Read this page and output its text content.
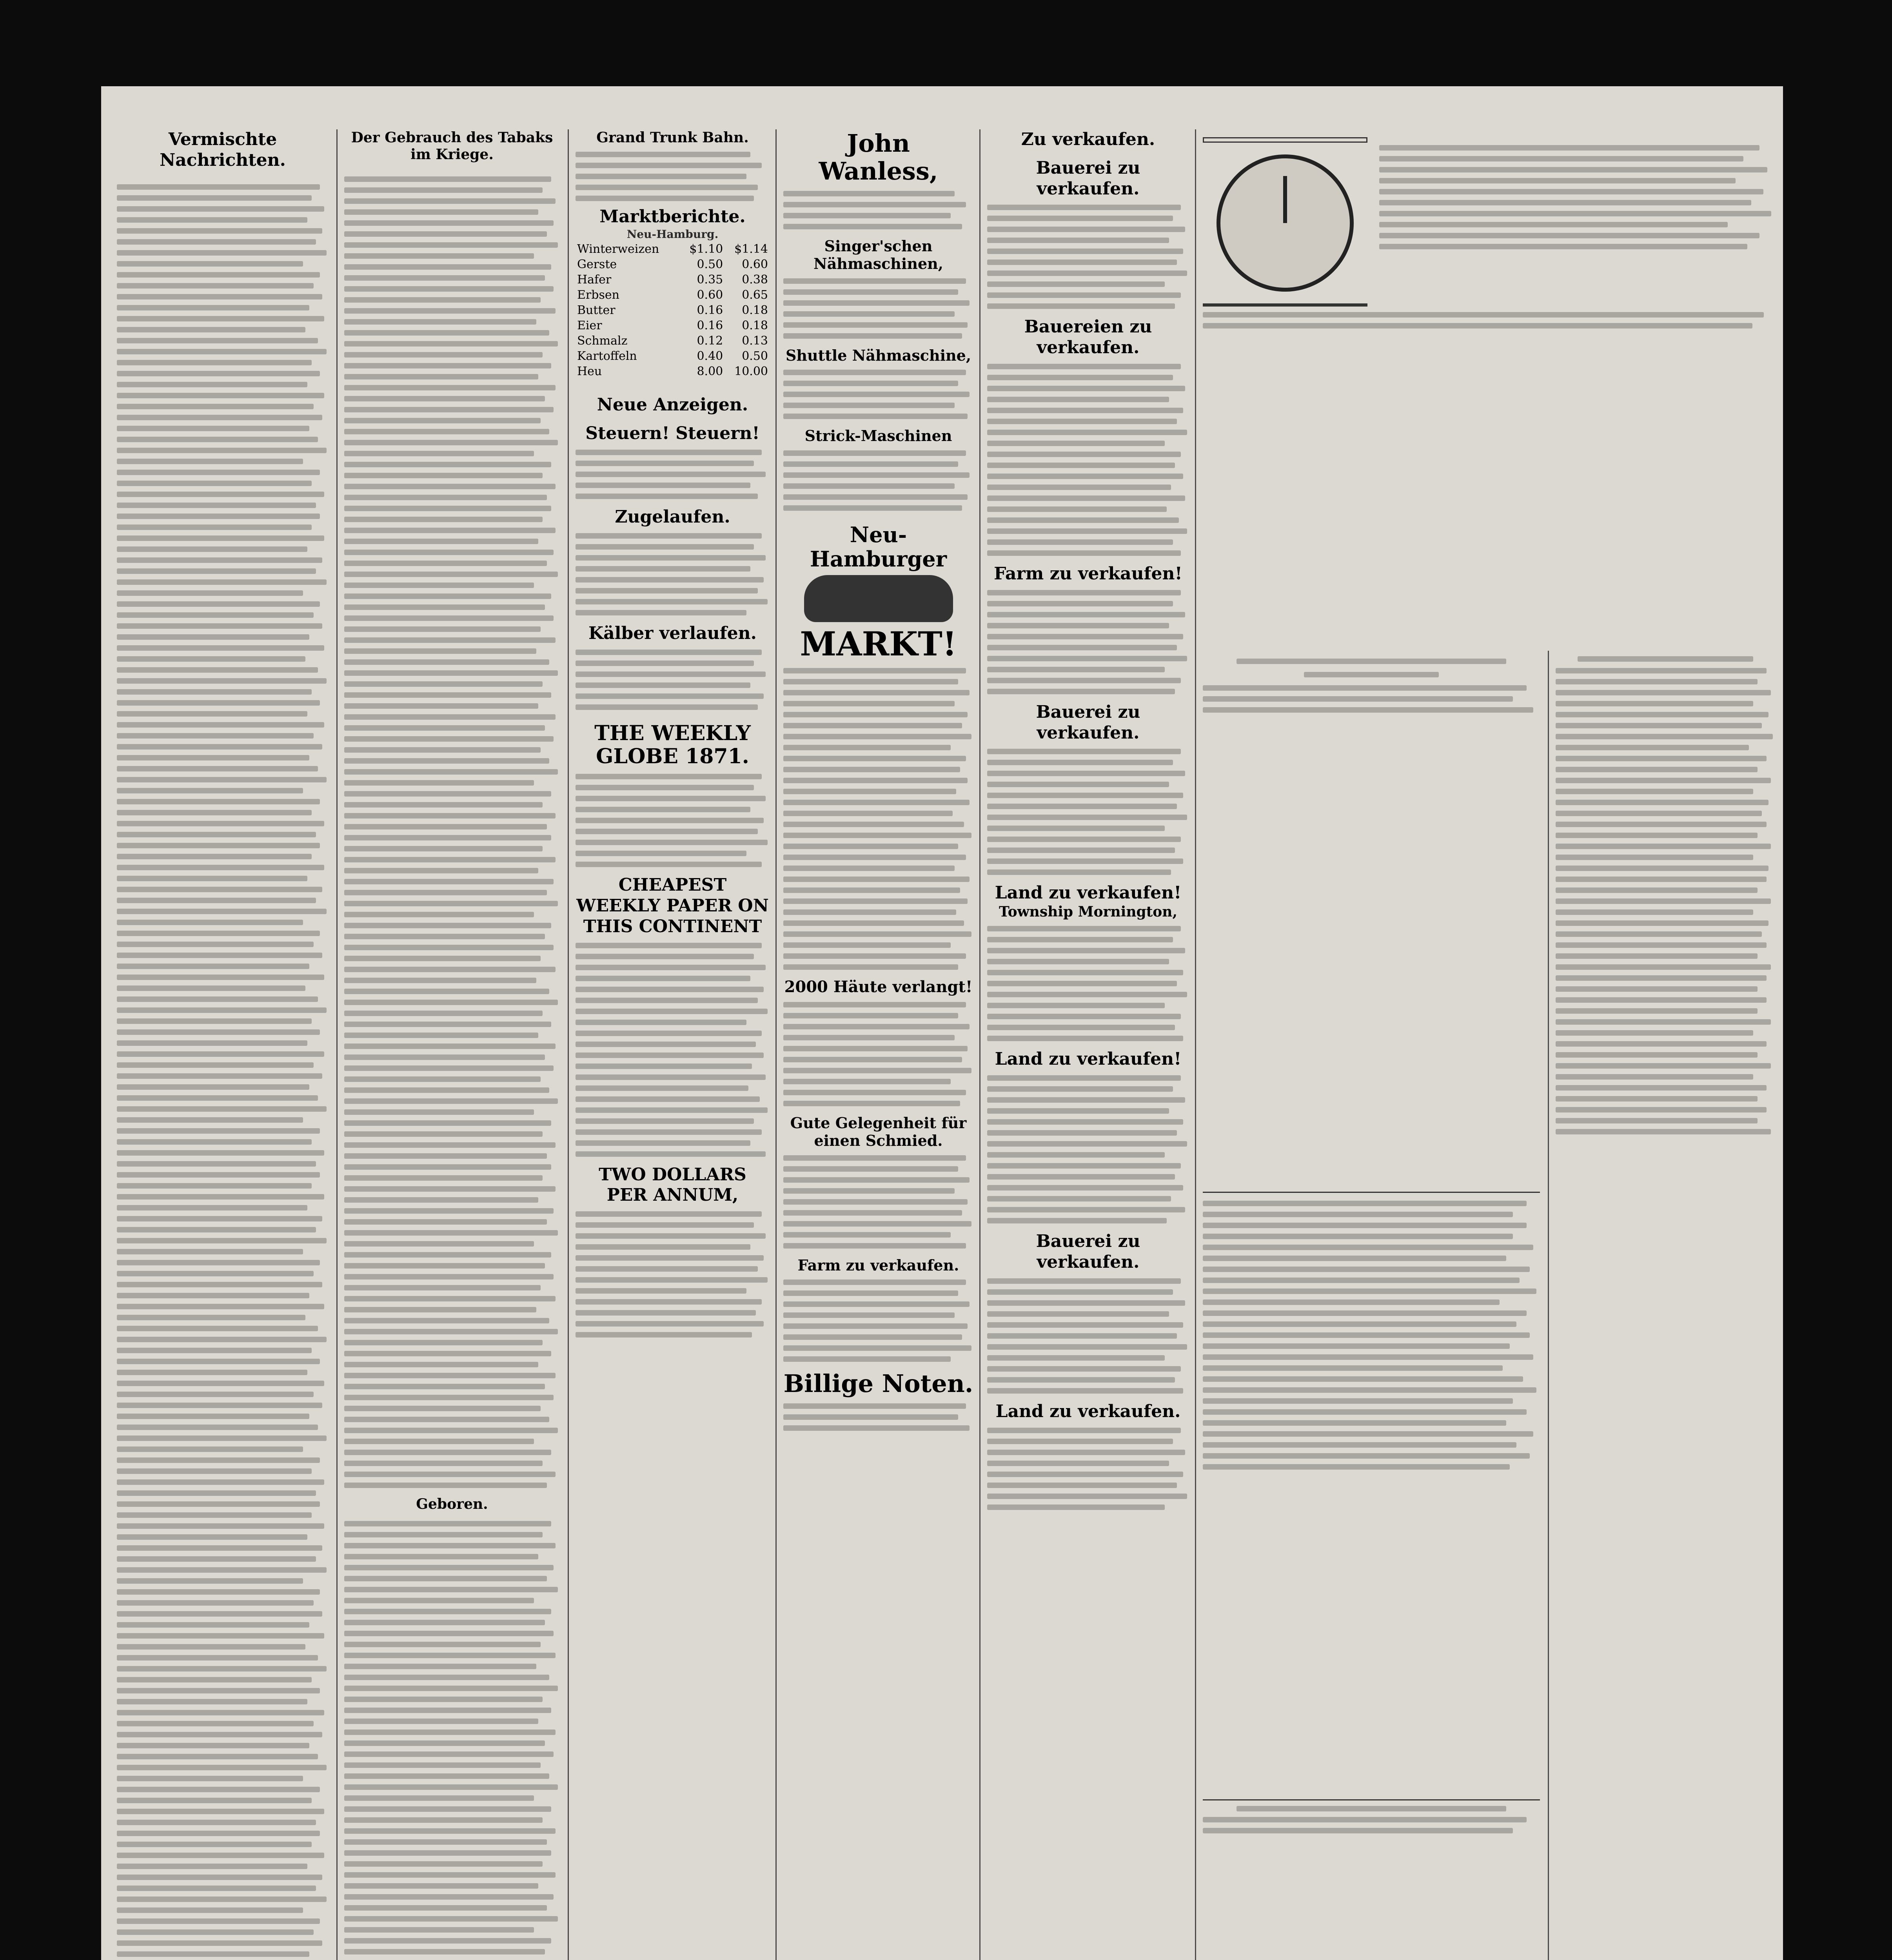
Vermischte Nachrichten.
Der Gebrauch des Tabaks im Kriege.
Geboren.
Grand Trunk Bahn.
Marktberichte.
Neu-Hamburg.
Winterweizen	$1.10	$1.14
Gerste	0.50	0.60
Hafer	0.35	0.38
Erbsen	0.60	0.65
Butter	0.16	0.18
Eier	0.16	0.18
Schmalz	0.12	0.13
Kartoffeln	0.40	0.50
Heu	8.00	10.00
Neue Anzeigen.
Steuern! Steuern!
Zugelaufen.
Kälber verlaufen.
THE WEEKLY GLOBE 1871.
CHEAPEST WEEKLY PAPER ON THIS CONTINENT
TWO DOLLARS PER ANNUM,
John Wanless,
Singer'schen Nähmaschinen,
Shuttle Nähmaschine,
Strick-Maschinen
Neu-Hamburger
MARKT!
2000 Häute verlangt!
Gute Gelegenheit für einen Schmied.
Farm zu verkaufen.
Billige Noten.
Zu verkaufen.
Bauerei zu verkaufen.
Bauereien zu verkaufen.
Farm zu verkaufen!
Bauerei zu verkaufen.
Land zu verkaufen!
Township Mornington,
Land zu verkaufen!
Bauerei zu verkaufen.
Land zu verkaufen.
